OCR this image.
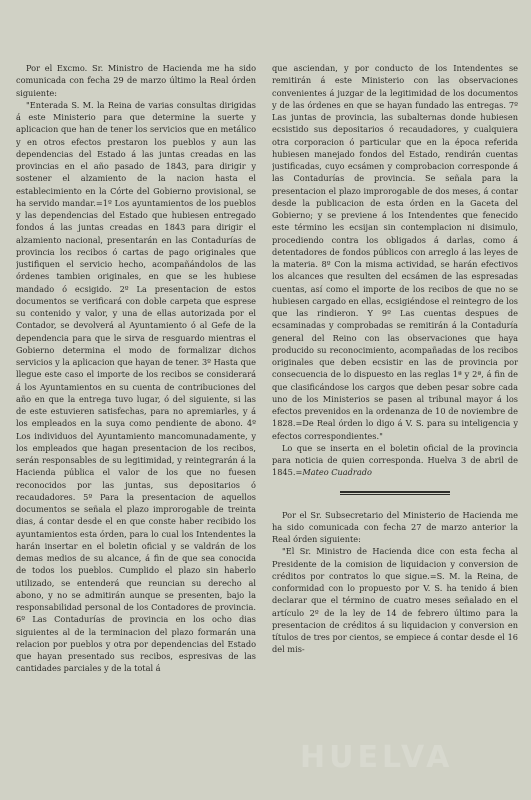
Por el Excmo. Sr. Ministro de Hacienda me ha sido comunicada con fecha 29 de marzo último la Real órden siguiente:

"Enterada S. M. la Reina de varias consultas dirigidas á este Ministerio para que determine la suerte y aplicacion que han de tener los servicios que en metálico y en otros efectos prestaron los pueblos y aun las dependencias del Estado á las juntas creadas en las provincias en el año pasado de 1843, para dirigir y sostener el alzamiento de la nacion hasta el establecimiento en la Córte del Gobierno provisional, se ha servido mandar.=1º Los ayuntamientos de los pueblos y las dependencias del Estado que hubiesen entregado fondos á las juntas creadas en 1843 para dirigir el alzamiento nacional, presentarán en las Contadurías de provincia los recibos ó cartas de pago originales que justifiquen el servicio hecho, acompañándolos de las órdenes tambien originales, en que se les hubiese mandado ó ecsigido. 2º La presentacion de estos documentos se verificará con doble carpeta que esprese su contenido y valor, y una de ellas autorizada por el Contador, se devolverá al Ayuntamiento ó al Gefe de la dependencia para que le sirva de resguardo mientras el Gobierno determina el modo de formalizar dichos servicios y la aplicacion que hayan de tener. 3º Hasta que llegue este caso el importe de los recibos se considerará á los Ayuntamientos en su cuenta de contribuciones del año en que la entrega tuvo lugar, ó del siguiente, si las de este estuvieren satisfechas, para no apremiarles, y á los empleados en la suya como pendiente de abono. 4º Los individuos del Ayuntamiento mancomunadamente, y los empleados que hagan presentacion de los recibos, serán responsables de su legitimidad, y reintegrarán á la Hacienda pública el valor de los que no fuesen reconocidos por las juntas, sus depositarios ó recaudadores. 5º Para la presentacion de aquellos documentos se señala el plazo improrogable de treinta dias, á contar desde el en que conste haber recibido los ayuntamientos esta órden, para lo cual los Intendentes la harán insertar en el boletin oficial y se valdrán de los demas medios de su alcance, á fin de que sea conocida de todos los pueblos. Cumplido el plazo sin haberlo utilizado, se entenderá que reuncian su derecho al abono, y no se admitirán aunque se presenten, bajo la responsabilidad personal de los Contadores de provincia. 6º Las Contadurías de provincia en los ocho dias siguientes al de la terminacion del plazo formarán una relacion por pueblos y otra por dependencias del Estado que hayan presentado sus recibos, espresivas de las cantidades parciales y de la total á

que asciendan, y por conducto de los Intendentes se remitirán á este Ministerio con las observaciones convenientes á juzgar de la legitimidad de los documentos y de las órdenes en que se hayan fundado las entregas. 7º Las juntas de provincia, las subalternas donde hubiesen ecsistido sus depositarios ó recaudadores, y cualquiera otra corporacion ó particular que en la época referida hubiesen manejado fondos del Estado, rendirán cuentas justificadas, cuyo ecsámen y comprobacion corresponde á las Contadurías de provincia. Se señala para la presentacion el plazo improrogable de dos meses, á contar desde la publicacion de esta órden en la Gaceta del Gobierno; y se previene á los Intendentes que fenecido este término les ecsijan sin contemplacion ni disimulo, procediendo contra los obligados á darlas, como á detentadores de fondos públicos con arreglo á las leyes de la materia. 8º Con la misma actividad, se harán efectivos los alcances que resulten del ecsámen de las espresadas cuentas, así como el importe de los recibos de que no se hubiesen cargado en ellas, ecsigiéndose el reintegro de los que las rindieron. Y 9º Las cuentas despues de ecsaminadas y comprobadas se remitirán á la Contaduría general del Reino con las observaciones que haya producido su reconocimiento, acompañadas de los recibos originales que deben ecsistir en las de provincia por consecuencia de lo dispuesto en las reglas 1ª y 2ª, á fin de que clasificándose los cargos que deben pesar sobre cada uno de los Ministerios se pasen al tribunal mayor á los efectos prevenidos en la ordenanza de 10 de noviembre de 1828.=De Real órden lo digo á V. S. para su inteligencia y efectos correspondientes."

Lo que se inserta en el boletin oficial de la provincia para noticia de quien corresponda. Huelva 3 de abril de 1845.=Mateo Cuadrado

Por el Sr. Subsecretario del Ministerio de Hacienda me ha sido comunicada con fecha 27 de marzo anterior la Real órden siguiente:

"El Sr. Ministro de Hacienda dice con esta fecha al Presidente de la comision de liquidacion y conversion de créditos por contratos lo que sigue.=S. M. la Reina, de conformidad con lo propuesto por V. S. ha tenido á bien declarar que el término de cuatro meses señalado en el artículo 2º de la ley de 14 de febrero último para la presentacion de créditos á su liquidacion y conversion en títulos de tres por cientos, se empiece á contar desde el 16 del mis-

HUELVA
